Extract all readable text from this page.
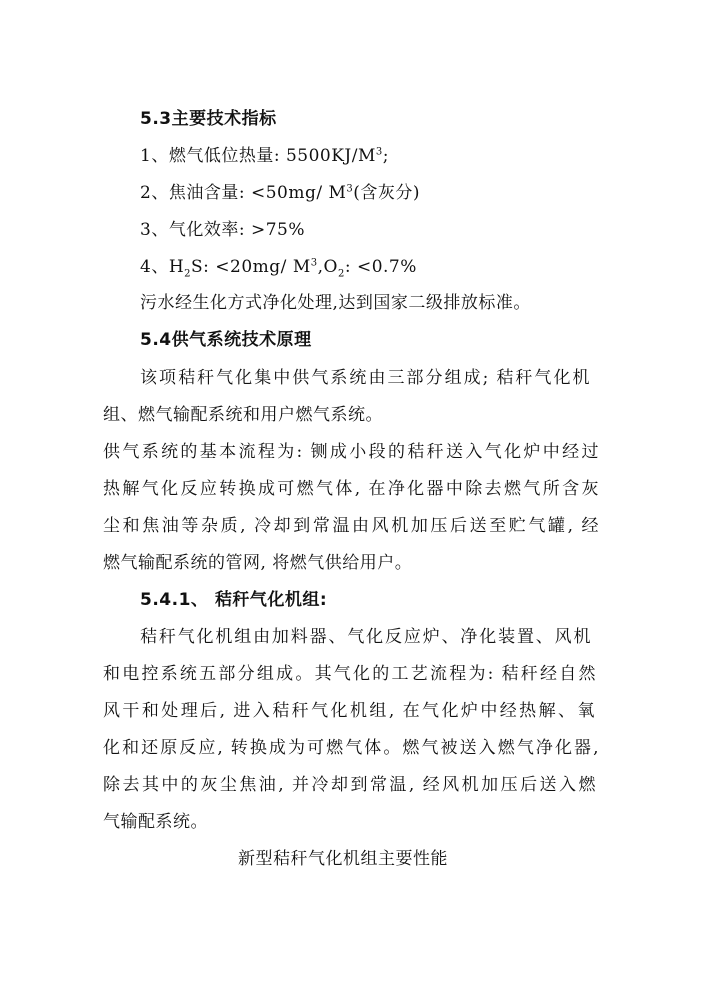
5.3主要技术指标
1、燃气低位热量: $5500KJ/M^3$;
2、焦油含量: <50mg/ $M^3$(含灰分)
3、气化效率: >75%
4、$H_2S$: <20mg/ $M^3,O_2$: <0.7%
污水经生化方式净化处理,达到国家二级排放标准。
5.4供气系统技术原理
该项秸秆气化集中供气系统由三部分组成; 秸秆气化机
组、燃气输配系统和用户燃气系统。
供气系统的基本流程为: 铡成小段的秸秆送入气化炉中经过
热解气化反应转换成可燃气体, 在净化器中除去燃气所含灰
尘和焦油等杂质, 冷却到常温由风机加压后送至贮气罐, 经
燃气输配系统的管网, 将燃气供给用户。
5.4.1、 秸秆气化机组:
秸秆气化机组由加料器、气化反应炉、净化装置、风机
和电控系统五部分组成。其气化的工艺流程为: 秸秆经自然
风干和处理后, 进入秸秆气化机组, 在气化炉中经热解、氧
化和还原反应, 转换成为可燃气体。燃气被送入燃气净化器,
除去其中的灰尘焦油, 并冷却到常温, 经风机加压后送入燃
气输配系统。
新型秸秆气化机组主要性能
